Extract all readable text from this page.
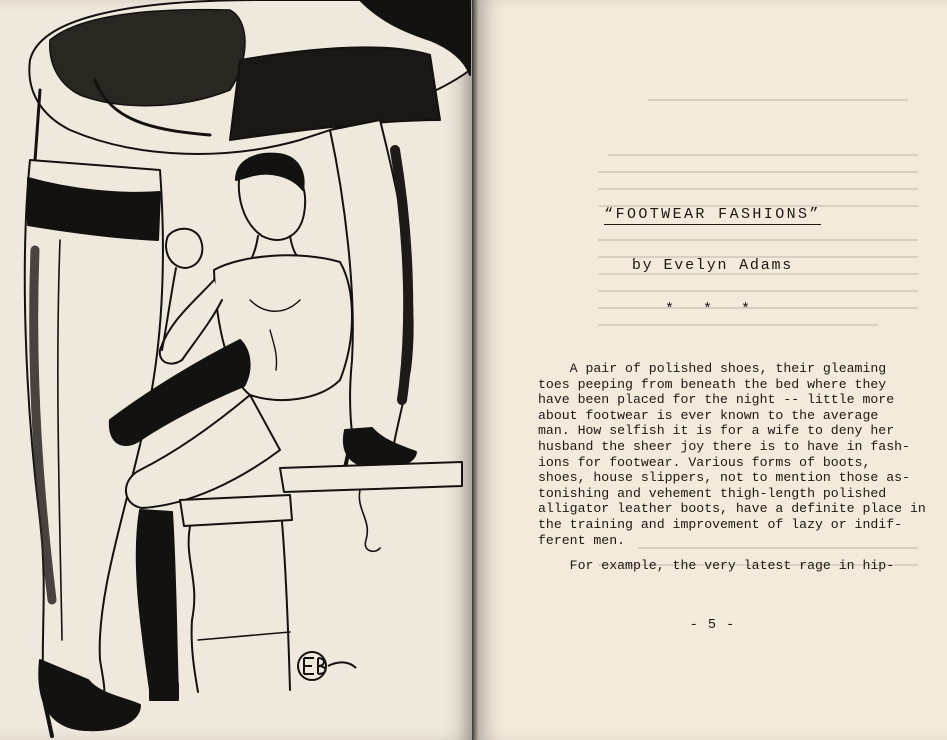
“FOOTWEAR FASHIONS”
by Evelyn Adams
* * *
A pair of polished shoes, their gleaming
toes peeping from beneath the bed where they
have been placed for the night -- little more
about footwear is ever known to the average
man. How selfish it is for a wife to deny her
husband the sheer joy there is to have in fash-
ions for footwear. Various forms of boots,
shoes, house slippers, not to mention those as-
tonishing and vehement thigh-length polished
alligator leather boots, have a definite place in
the training and improvement of lazy or indif-
ferent men.
For example, the very latest rage in hip-
- 5 -
